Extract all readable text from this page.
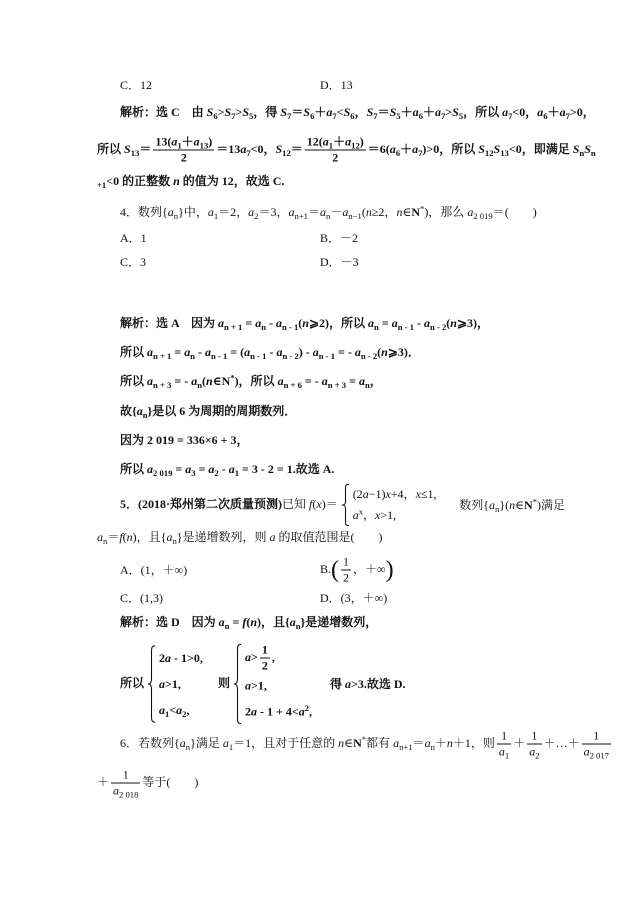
C．12	D．13
解析：选 C　由 $S_6>S_7>S_5$，得 $S_7=S_6+a_7<S_6$，$S_7=S_5+a_6+a_7>S_5$，所以 $a_7<0$，$a_6+a_7>0$，
所以 $S_{13}= \frac{13(a_1+a_{13})}{2} =13a_7<0$，$S_{12}= \frac{12(a_1+a_{12})}{2} =6(a_6+a_7)>0$，所以 $S_{12}S_{13}<0$，即满足 $S_nS_n$
$_{+1}$<0 的正整数 n 的值为 12，故选 C.
4．数列$\{a_n\}$中，$a_1=2$，$a_2=3$，$a_{n+1}=a_n-a_{n-1}(n\ge 2$，n∈N*)，那么 $a_{2 019}=$(　　)
A．1	B．－2
C．3	D．－3
解析：选 A　因为 $a_{n + 1} = a_n$ - $a_{n - 1}(n⩾2)$，所以 $a_n = a_{n - 1}$ - $a_{n - 2}(n⩾3)$，
所以 $a_{n + 1} = a_n - a_{n - 1} = (a_{n - 1} - a_{n - 2}) - a_{n - 1}$ = - $a_{n - 2}(n⩾3)$．
所以 $a_{n + 3}$ = - $a_n(n\in N^*)$，所以 $a_{n + 6}$ = - $a_{n + 3} = a_n$，
故$\{a_n\}$是以 6 为周期的周期数列．
因为 2 019 = 336×6 + 3，
所以 $a_{2 019} = a_3 = a_2 - a_1 = 3 - 2 = 1$.故选 A.
5．(2018·郑州第二次质量预测)已知 f(x)＝
(2a−1)x+4，x≤1,
$a^x$，x>1,
数列$\{a_n\}(n\in N^*)$满足
$a_n=f(n)$，且$\{a_n\}$是递增数列，则 a 的取值范围是(　　)
A．(1，＋∞)	$B.( \frac{1}{2}$ ，＋∞)
C．(1,3)	D．(3，＋∞)
解析：选 D　因为 $a_n = f(n)$，且$\{a_n\}$是递增数列，
所以
2a - 1>0,
a>1,
$a_1<a_2$,
则
$a> \frac{1}{2}$ ,
a>1,
$2a - 1 + 4<a^2$,
得 a>3.故选 D.
6．若数列$\{a_n\}$满足 $a_1=1$，且对于任意的 n∈N*都有 $a_{n+1}=a_n+n+1$，则 $\frac{1}{a_1} + \frac{1}{a_2}$ ＋…＋ $\frac{1}{a_{2 017}}$
＋ $\frac{1}{a_{2 018}}$ 等于(　　)
